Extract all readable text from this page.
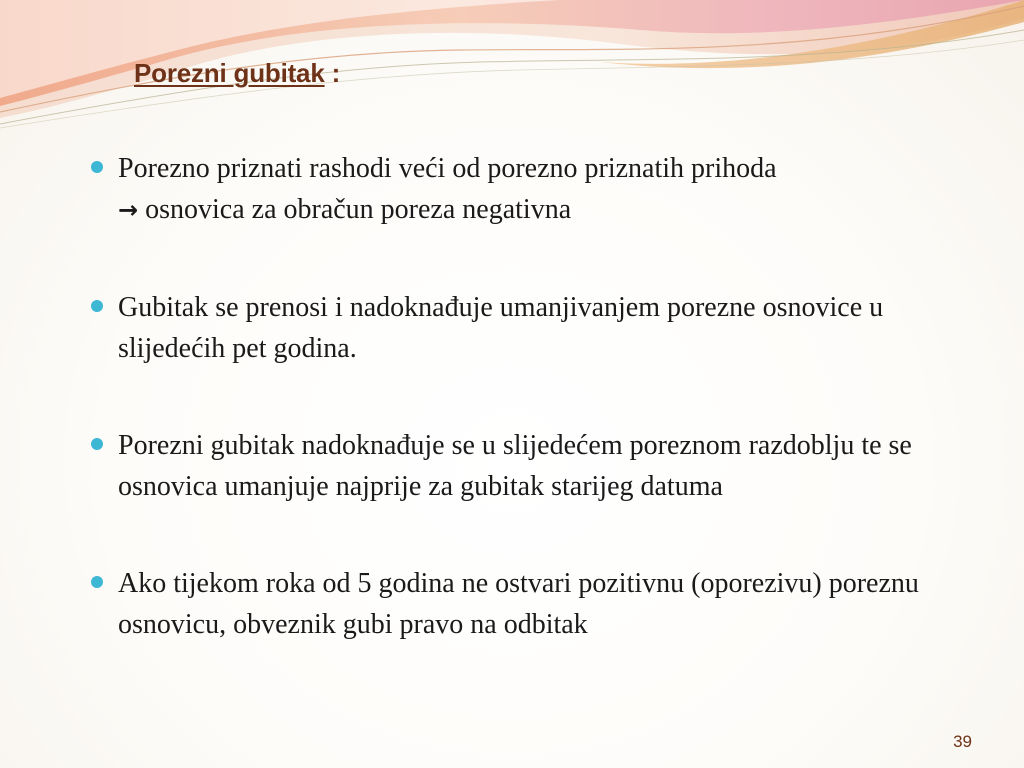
Porezni gubitak :
Porezno priznati rashodi veći od porezno priznatih prihoda
→ osnovica za obračun poreza negativna
Gubitak se prenosi i nadoknađuje umanjivanjem porezne osnovice u slijedećih pet godina.
Porezni gubitak nadoknađuje se u slijedećem poreznom razdoblju te se osnovica umanjuje najprije za gubitak starijeg datuma
Ako tijekom roka od 5 godina ne ostvari pozitivnu (oporezivu) poreznu osnovicu, obveznik gubi pravo na odbitak
39
